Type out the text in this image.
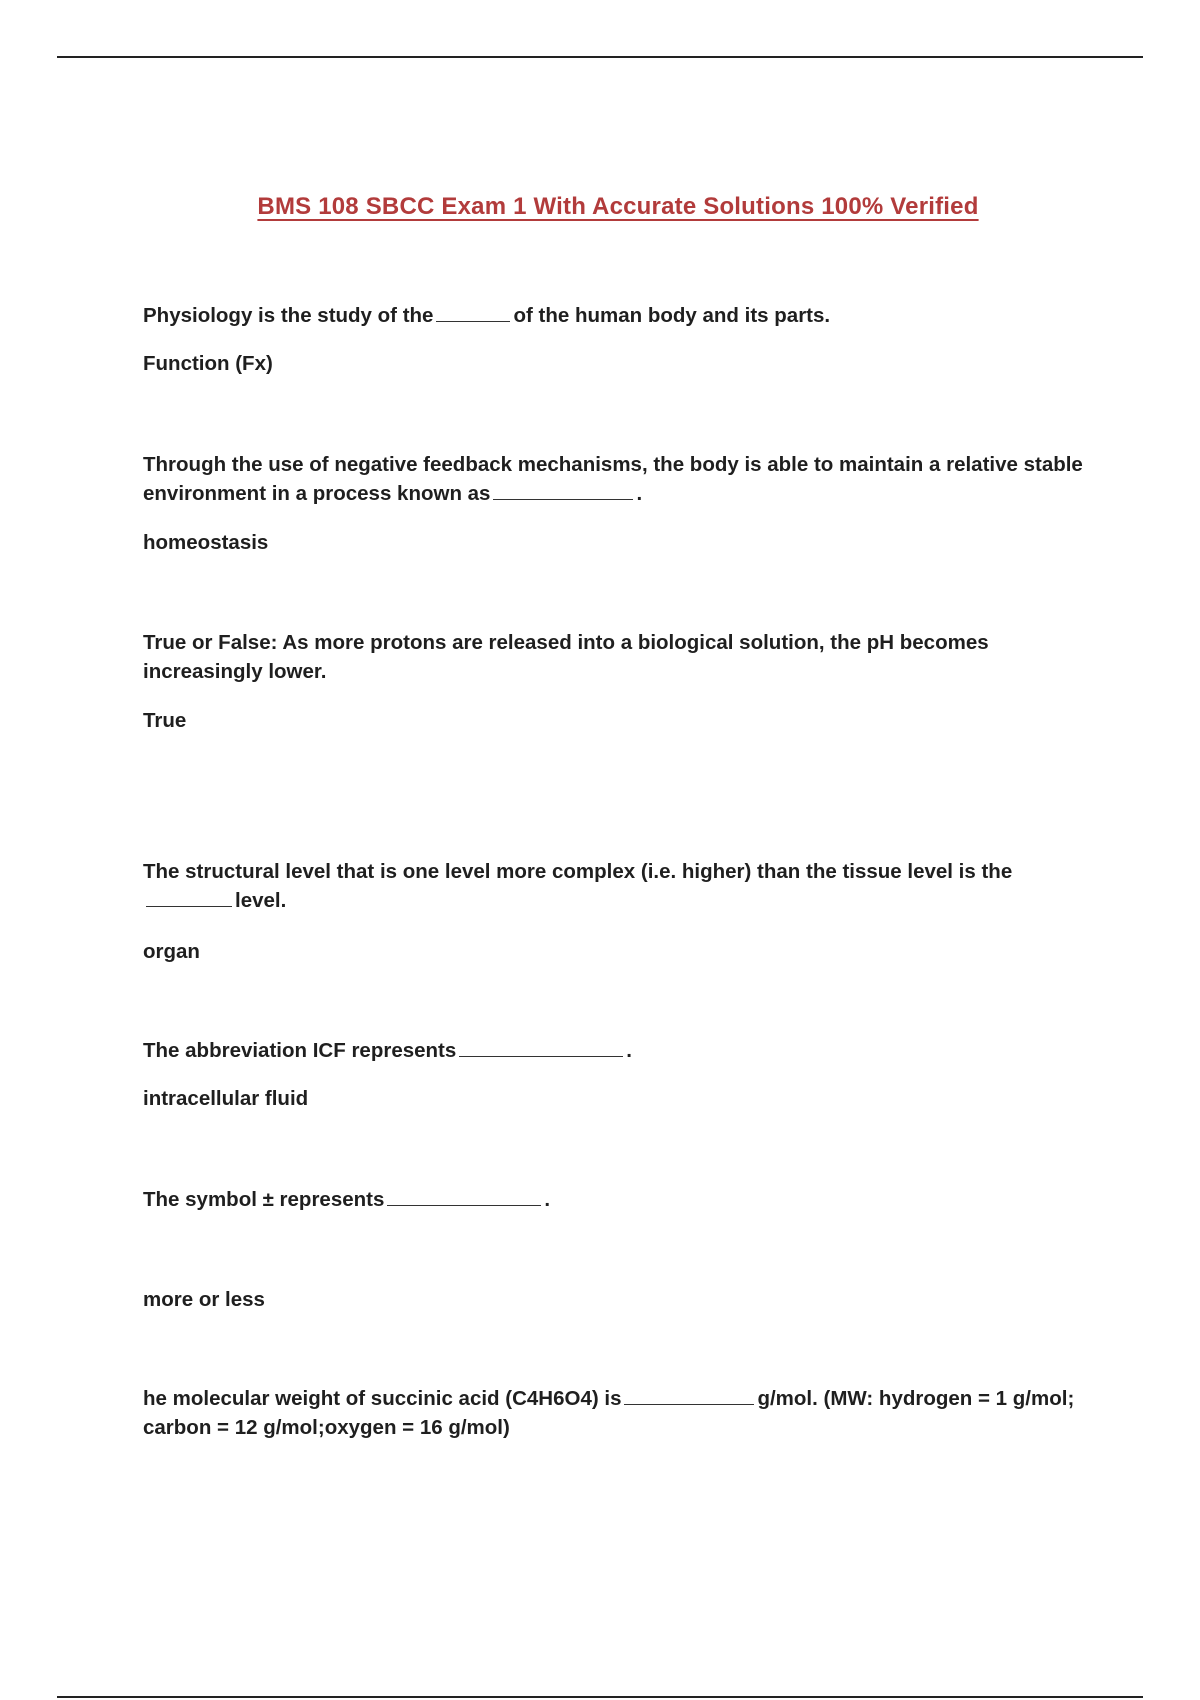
BMS 108 SBCC Exam 1 With Accurate Solutions 100% Verified
Physiology is the study of the	of the human body and its parts.
Function (Fx)
Through the use of negative feedback mechanisms, the body is able to maintain a relative stable environment in a process known as	.
homeostasis
True or False: As more protons are released into a biological solution, the pH becomes increasingly lower.
True
The structural level that is one level more complex (i.e. higher) than the tissue level is thelevel.
organ
The abbreviation ICF represents	.
intracellular fluid
The symbol ± represents	.
more or less
he molecular weight of succinic acid (C4H6O4) is	g/mol. (MW: hydrogen = 1 g/mol; carbon = 12 g/mol;oxygen = 16 g/mol)
